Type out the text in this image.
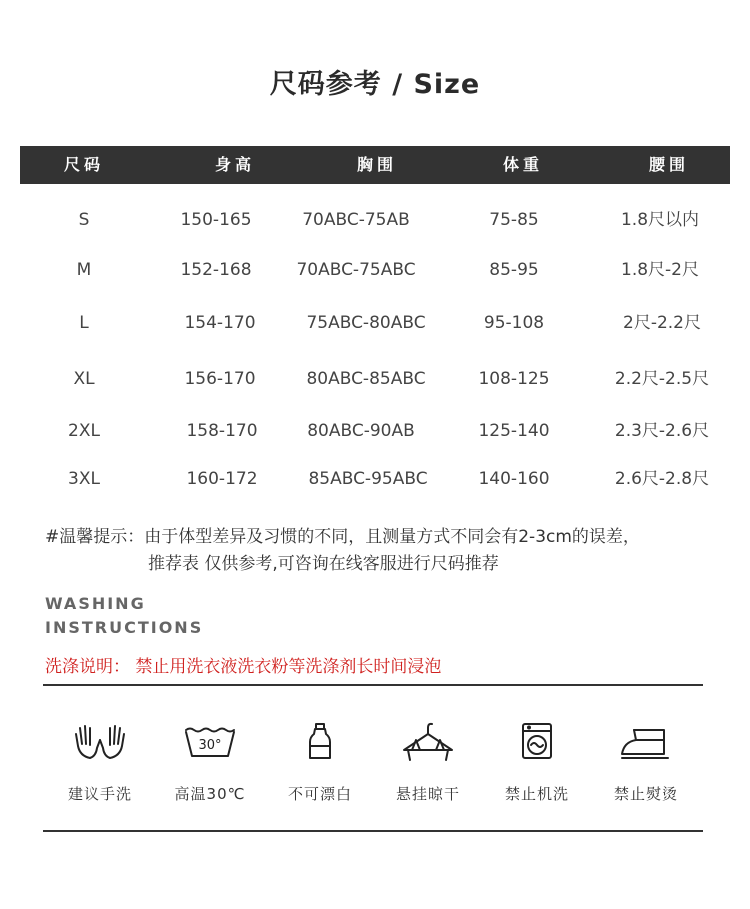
尺码参考 / Size
尺码	身高	胸围	体重	腰围
S	150-165	70ABC-75AB	75-85	1.8尺以内
M	152-168	70ABC-75ABC	85-95	1.8尺-2尺
L	154-170	75ABC-80ABC	95-108	2尺-2.2尺
XL	156-170	80ABC-85ABC	108-125	2.2尺-2.5尺
2XL	158-170	80ABC-90AB	125-140	2.3尺-2.6尺
3XL	160-172	85ABC-95ABC	140-160	2.6尺-2.8尺
#温馨提示：由于体型差异及习惯的不同，且测量方式不同会有2-3cm的误差，
推荐表 仅供参考,可咨询在线客服进行尺码推荐
WASHING
INSTRUCTIONS
洗涤说明： 禁止用洗衣液洗衣粉等洗涤剂长时间浸泡
建议手洗
30°
高温30℃	不可漂白	悬挂晾干	禁止机洗	禁止熨烫
